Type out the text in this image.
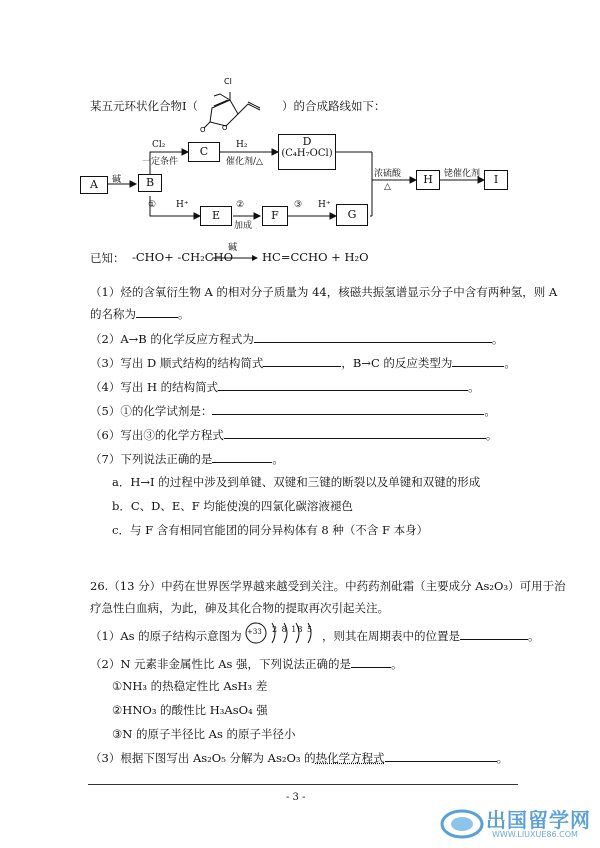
某五元环状化合物Ⅰ（
O O
Cl
）的合成路线如下：
A	B
C
D
(C₄H₇OCl)
E	F	G
H	I
碱
Cl₂
一定条件
H₂
催化剂/△
① H⁺	②
加成
③ H⁺
浓硫酸
△
铑催化剂
已知： -CHO+ -CH₂CHO
碱
HC=CCHO + H₂O
（1）烃的含氧衍生物 A 的相对分子质量为 44，核磁共振氢谱显示分子中含有两种氢，则 A
的名称为	。
（2）A→B 的化学反应方程式为	。
（3）写出 D 顺式结构的结构简式	，B→C 的反应类型为	。
（4）写出 H 的结构简式	。
（5）①的化学试剂是：	。
（6）写出③的化学方程式	。
（7）下列说法正确的是	。
a．H→I 的过程中涉及到单键、双键和三键的断裂以及单键和双键的形成
b．C、D、E、F 均能使溴的四氯化碳溶液褪色
c．与 F 含有相同官能团的同分异构体有 8 种（不含 F 本身）
26.（13 分）中药在世界医学界越来越受到关注。中药药剂砒霜（主要成分 As₂O₃）可用于治
疗急性白血病，为此，砷及其化合物的提取再次引起关注。
（1）As 的原子结构示意图为 +33 2 8 18 5 ，则其在周期表中的位置是	。
（2）N 元素非金属性比 As 强，下列说法正确的是	。
①NH₃ 的热稳定性比 AsH₃ 差
②HNO₃ 的酸性比 H₃AsO₄ 强
③N 的原子半径比 As 的原子半径小
（3）根据下图写出 As₂O₅ 分解为 As₂O₃ 的热化学方程式	。
- 3 -
出国留学网
WWW.LIUXUE86.COM
